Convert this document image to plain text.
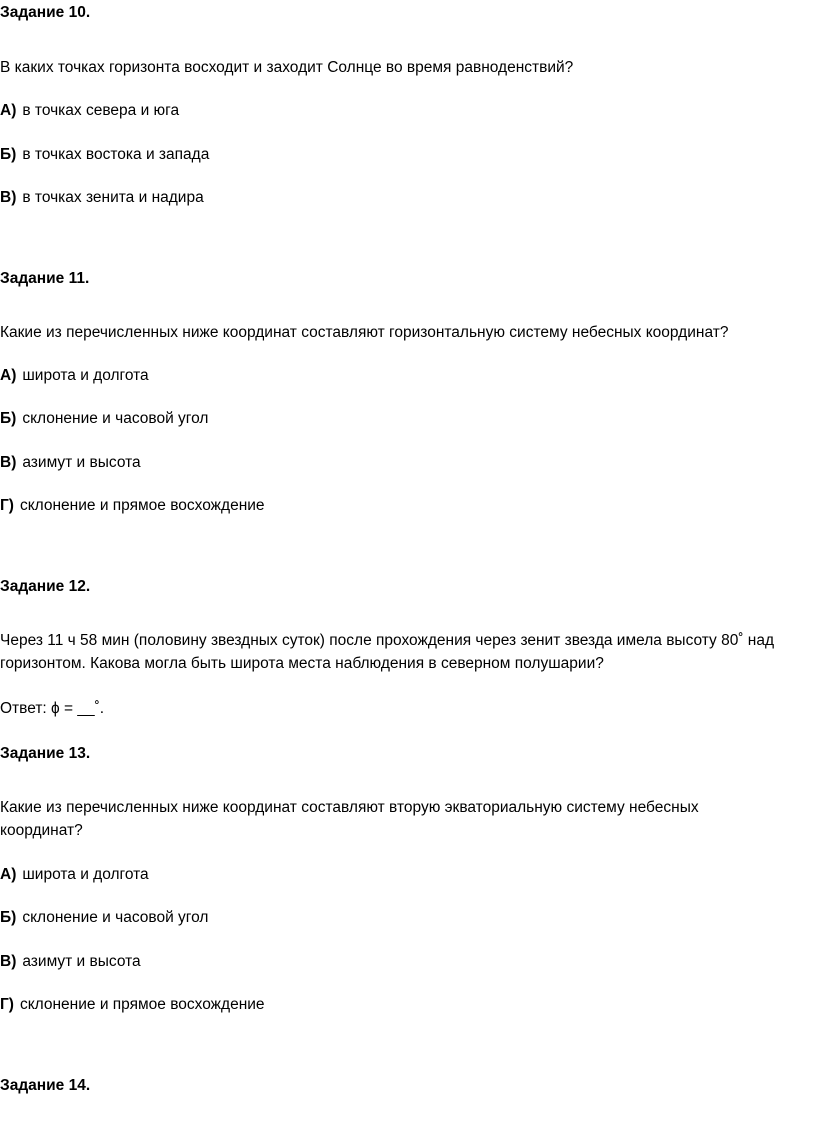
Задание 10.
В каких точках горизонта восходит и заходит Солнце во время равноденствий?
А) в точках севера и юга
Б) в точках востока и запада
В) в точках зенита и надира
Задание 11.
Какие из перечисленных ниже координат составляют горизонтальную систему небесных координат?
А) широта и долгота
Б) склонение и часовой угол
В) азимут и высота
Г) склонение и прямое восхождение
Задание 12.
Через 11 ч 58 мин (половину звездных суток) после прохождения через зенит звезда имела высоту 80˚ над
горизонтом. Какова могла быть широта места наблюдения в северном полушарии?
Ответ: ϕ = __˚.
Задание 13.
Какие из перечисленных ниже координат составляют вторую экваториальную систему небесных
координат?
А) широта и долгота
Б) склонение и часовой угол
В) азимут и высота
Г) склонение и прямое восхождение
Задание 14.
